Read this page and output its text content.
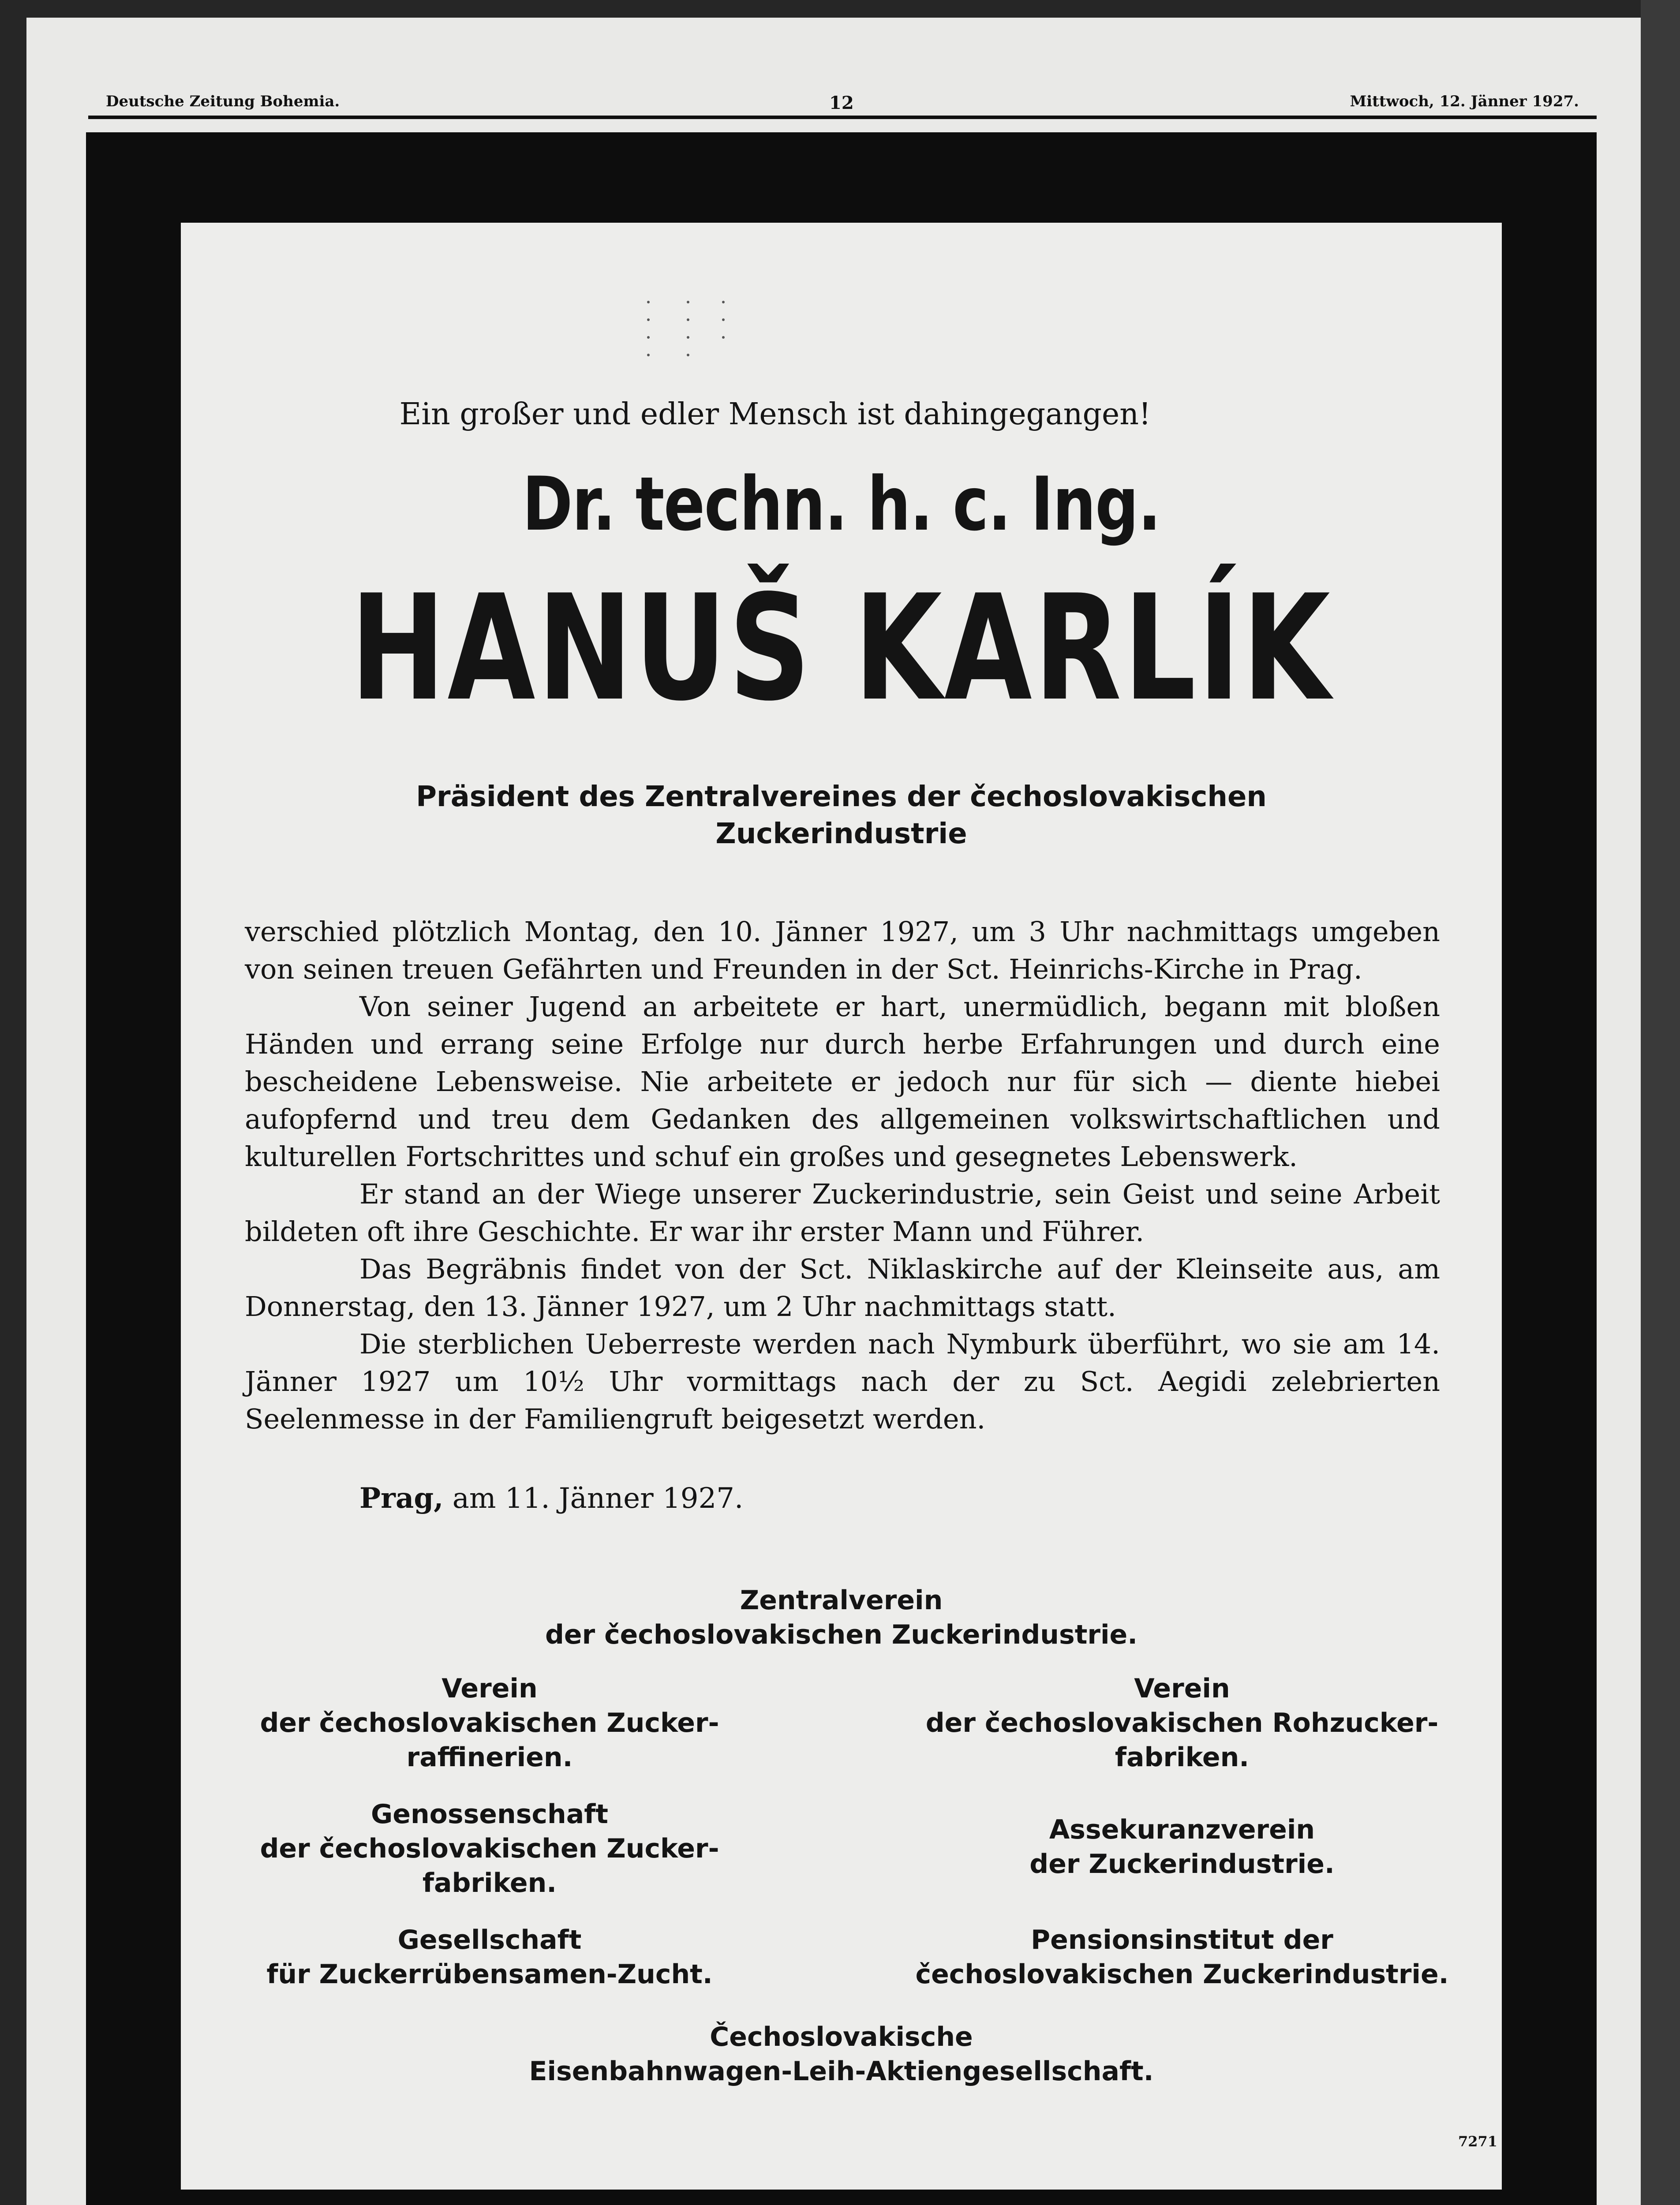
Deutsche Zeitung Bohemia.	12	Mittwoch, 12. Jänner 1927.
Ein großer und edler Mensch ist dahingegangen!
Dr. techn. h. c. Ing.
HANUŠ KARLÍK
Präsident des Zentralvereines der čechoslovakischen
Zuckerindustrie

verschied plötzlich Montag, den 10. Jänner 1927, um 3 Uhr nachmittags umgeben von seinen treuen Gefährten und Freunden in der Sct. Heinrichs-Kirche in Prag.

Von seiner Jugend an arbeitete er hart, unermüdlich, begann mit bloßen Händen und errang seine Erfolge nur durch herbe Erfahrungen und durch eine bescheidene Lebensweise. Nie arbeitete er jedoch nur für sich — diente hiebei aufopfernd und treu dem Gedanken des allgemeinen volkswirtschaftlichen und kulturellen Fortschrittes und schuf ein großes und gesegnetes Lebenswerk.

Er stand an der Wiege unserer Zuckerindustrie, sein Geist und seine Arbeit bildeten oft ihre Geschichte. Er war ihr erster Mann und Führer.

Das Begräbnis findet von der Sct. Niklaskirche auf der Kleinseite aus, am Donnerstag, den 13. Jänner 1927, um 2 Uhr nachmittags statt.

Die sterblichen Ueberreste werden nach Nymburk überführt, wo sie am 14. Jänner 1927 um 10½ Uhr vormittags nach der zu Sct. Aegidi zelebrierten Seelenmesse in der Familiengruft beigesetzt werden.

Prag, am 11. Jänner 1927.
Zentralverein
der čechoslovakischen Zuckerindustrie.
Verein
der čechoslovakischen Zucker-
raffinerien.
Verein
der čechoslovakischen Rohzucker-
fabriken.
Genossenschaft
der čechoslovakischen Zucker-
fabriken.
Assekuranzverein
der Zuckerindustrie.
Gesellschaft
für Zuckerrübensamen-Zucht.
Pensionsinstitut der
čechoslovakischen Zuckerindustrie.
Čechoslovakische
Eisenbahnwagen-Leih-Aktiengesellschaft.
7271
